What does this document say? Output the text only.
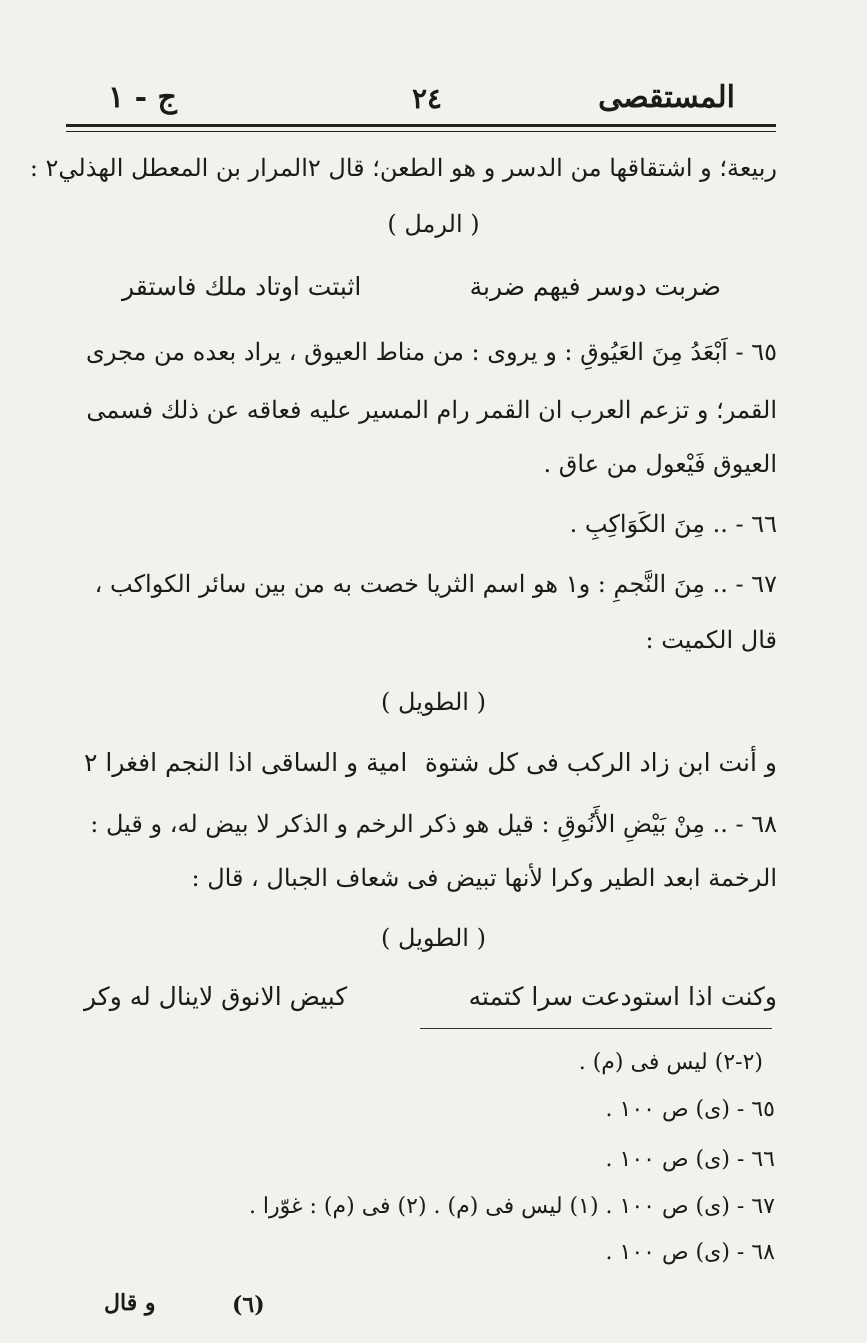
المستقصى
٢٤
ج - ١
ربيعة؛ و اشتقاقها من الدسر و هو الطعن؛ قال ٢المرار بن المعطل الهذلي٢ :
( الرمل )
ضربت دوسر فيهم ضربة
اثبتت اوتاد ملك فاستقر
٦٥ - اَبْعَدُ مِنَ العَيُوقِ : و يروى : من مناط العيوق ، يراد بعده من مجرى
القمر؛ و تزعم العرب ان القمر رام المسير عليه فعاقه عن ذلك فسمى
العيوق فَيْعول من عاق .
٦٦ - .. مِنَ الكَوَاكِبِ .
٦٧ - .. مِنَ النَّجمِ : و١ هو اسم الثريا خصت به من بين سائر الكواكب ،
قال الكميت :
( الطويل )
و أنت ابن زاد الركب فى كل شتوة
امية و الساقى اذا النجم افغرا ٢
٦٨ - .. مِنْ بَيْضِ الأَنُوقِ : قيل هو ذكر الرخم و الذكر لا بيض له، و قيل :
الرخمة ابعد الطير وكرا لأنها تبيض فى شعاف الجبال ، قال :
( الطويل )
وكنت اذا استودعت سرا كتمته
كبيض الانوق لاينال له وكر
(٢-٢) ليس فى (م) .
٦٥ - (ى) ص ١٠٠ .
٦٦ - (ى) ص ١٠٠ .
٦٧ - (ى) ص ١٠٠ . (١) ليس فى (م) . (٢) فى (م) : غوّرا .
٦٨ - (ى) ص ١٠٠ .
(٦)
و قال
